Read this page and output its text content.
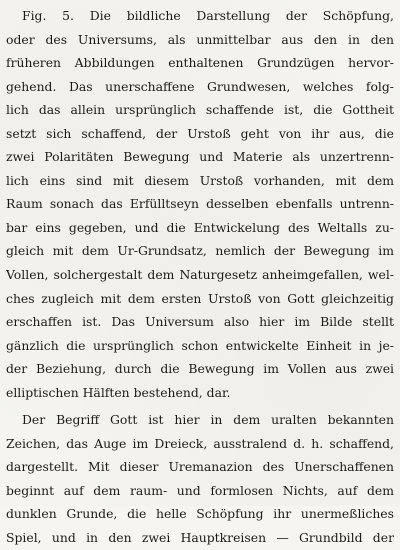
Fig. 5. Die bildliche Darstellung der Schöpfung,
oder des Universums, als unmittelbar aus den in den
früheren Abbildungen enthaltenen Grundzügen hervor-
gehend. Das unerschaffene Grundwesen, welches folg-
lich das allein ursprünglich schaffende ist, die Gottheit
setzt sich schaffend, der Urstoß geht von ihr aus, die
zwei Polaritäten Bewegung und Materie als unzertrenn-
lich eins sind mit diesem Urstoß vorhanden, mit dem
Raum sonach das Erfülltseyn desselben ebenfalls untrenn-
bar eins gegeben, und die Entwickelung des Weltalls zu-
gleich mit dem Ur-Grundsatz, nemlich der Bewegung im
Vollen, solchergestalt dem Naturgesetz anheimgefallen, wel-
ches zugleich mit dem ersten Urstoß von Gott gleichzeitig
erschaffen ist. Das Universum also hier im Bilde stellt
gänzlich die ursprünglich schon entwickelte Einheit in je-
der Beziehung, durch die Bewegung im Vollen aus zwei
elliptischen Hälften bestehend, dar.
Der Begriff Gott ist hier in dem uralten bekannten
Zeichen, das Auge im Dreieck, ausstralend d. h. schaffend,
dargestellt. Mit dieser Uremanazion des Unerschaffenen
beginnt auf dem raum- und formlosen Nichts, auf dem
dunklen Grunde, die helle Schöpfung ihr unermeßliches
Spiel, und in den zwei Hauptkreisen — Grundbild der
